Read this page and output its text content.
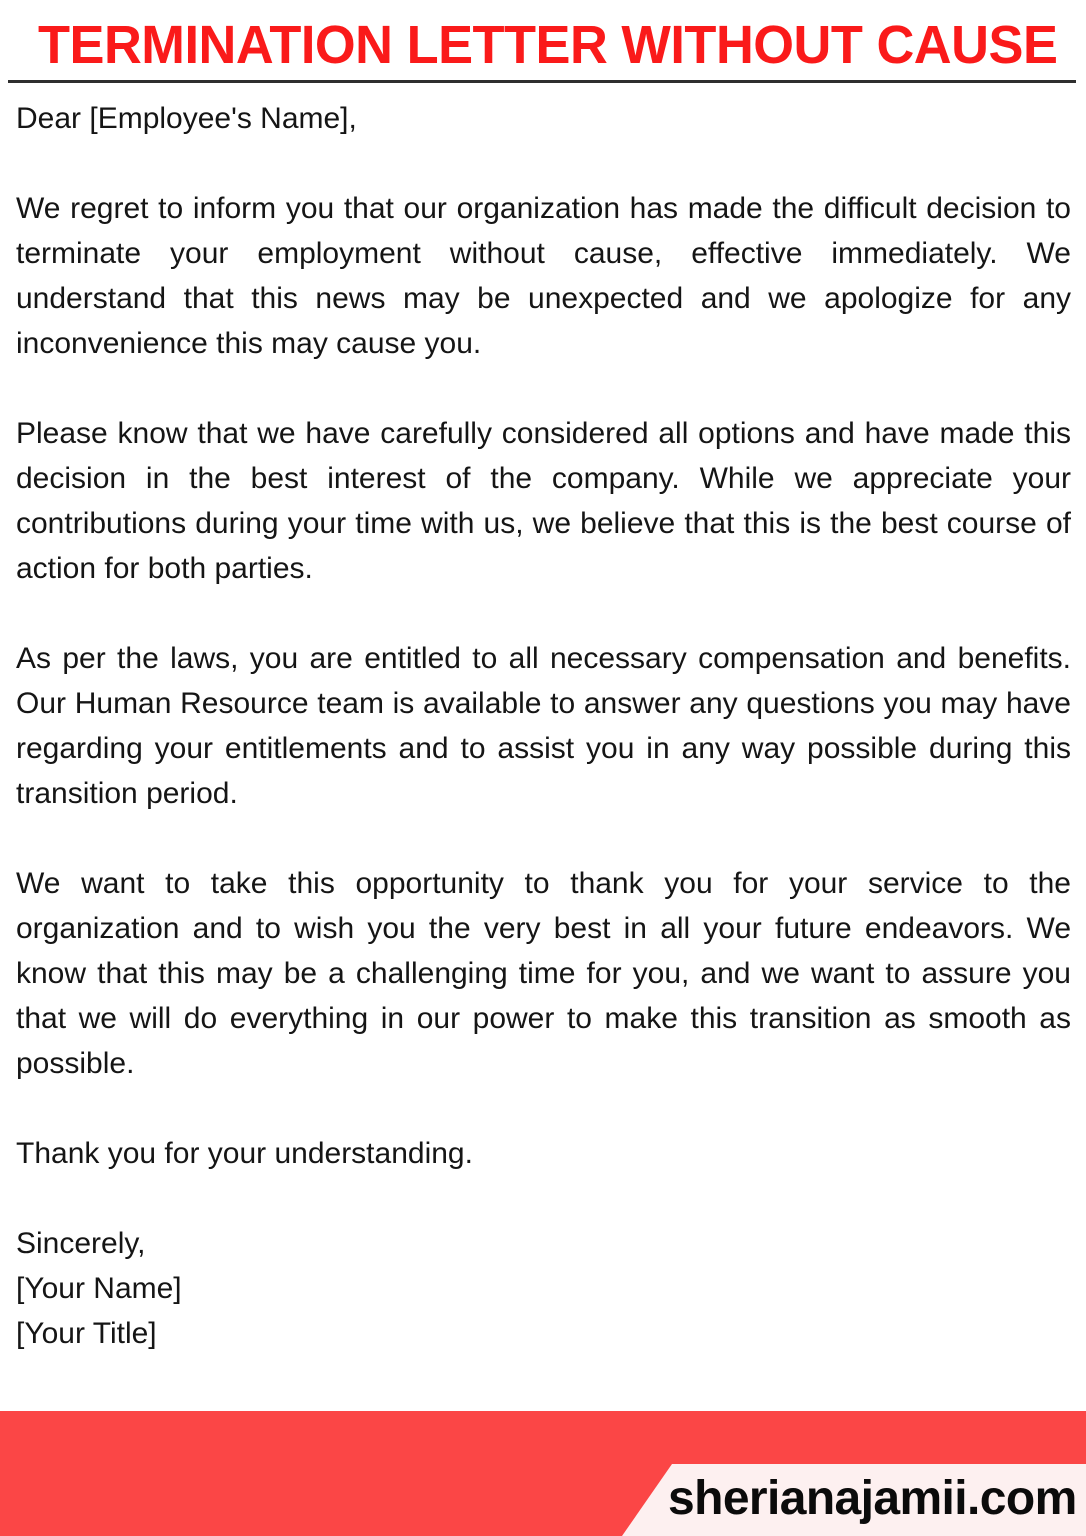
TERMINATION LETTER WITHOUT CAUSE

Dear [Employee's Name],

We regret to inform you that our organization has made the difficult decision to terminate your employment without cause, effective immediately. We understand that this news may be unexpected and we apologize for any inconvenience this may cause you.

Please know that we have carefully considered all options and have made this decision in the best interest of the company. While we appreciate your contributions during your time with us, we believe that this is the best course of action for both parties.

As per the laws, you are entitled to all necessary compensation and benefits. Our Human Resource team is available to answer any questions you may have regarding your entitlements and to assist you in any way possible during this transition period.

We want to take this opportunity to thank you for your service to the organization and to wish you the very best in all your future endeavors. We know that this may be a challenging time for you, and we want to assure you that we will do everything in our power to make this transition as smooth as possible.

Thank you for your understanding.

Sincerely,
[Your Name]
[Your Title]
sherianajamii.com
